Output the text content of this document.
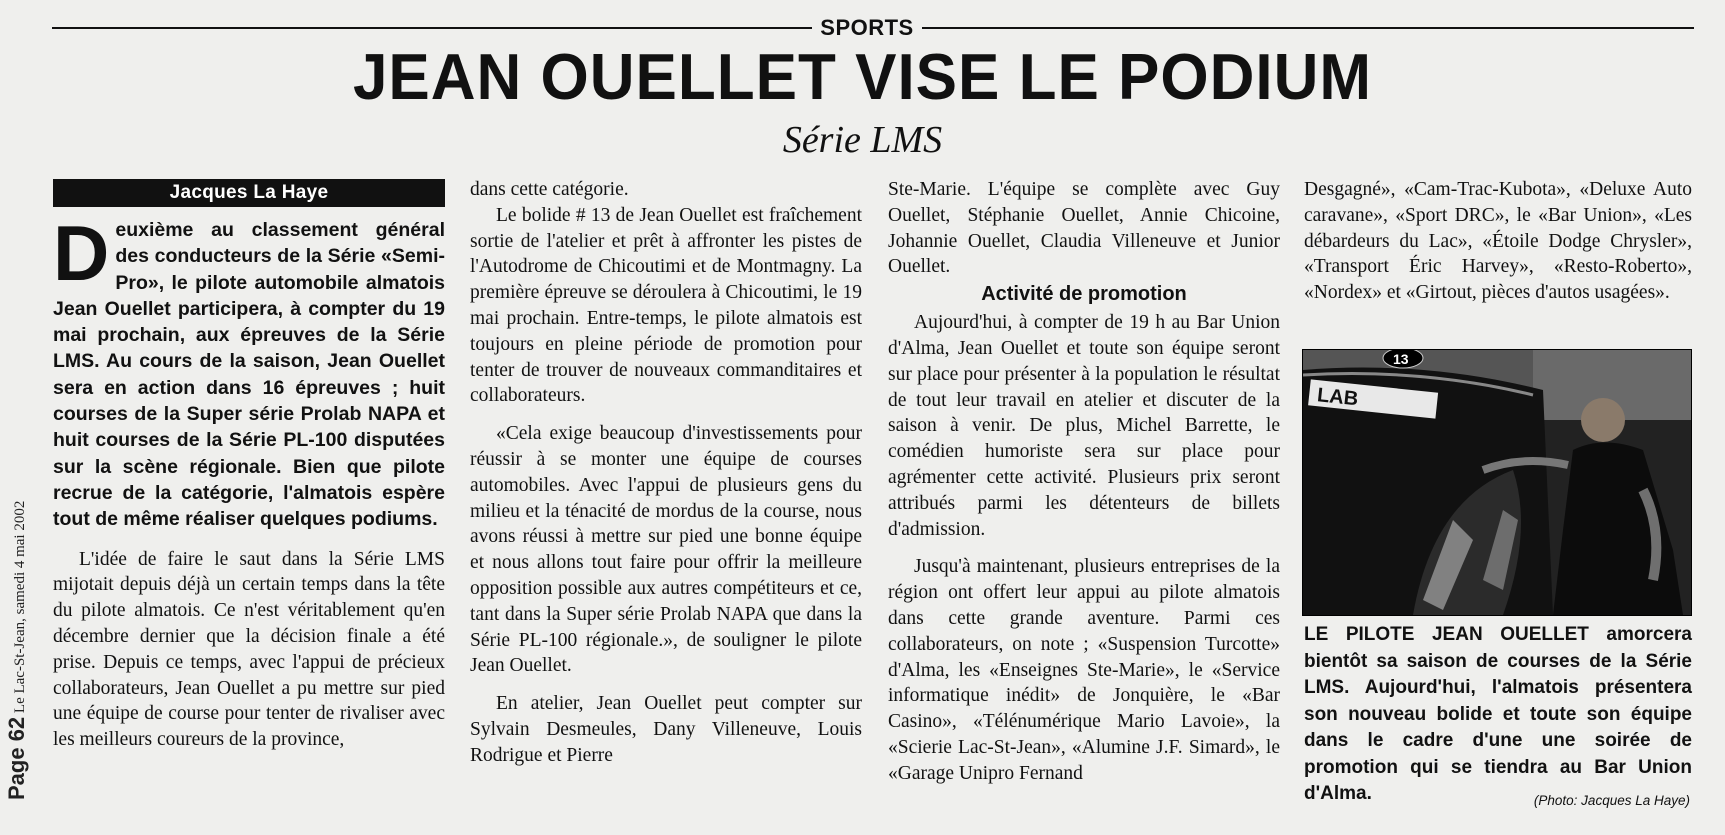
SPORTS
JEAN OUELLET VISE LE PODIUM
Série LMS
Page 62 Le Lac-St-Jean, samedi 4 mai 2002
Jacques La Haye
Deuxième au classement général des conducteurs de la Série «Semi-Pro», le pilote automobile almatois Jean Ouellet participera, à compter du 19 mai prochain, aux épreuves de la Série LMS. Au cours de la saison, Jean Ouellet sera en action dans 16 épreuves ; huit courses de la Super série Prolab NAPA et huit courses de la Série PL-100 disputées sur la scène régionale. Bien que pilote recrue de la catégorie, l'almatois espère tout de même réaliser quelques podiums.

L'idée de faire le saut dans la Série LMS mijotait depuis déjà un certain temps dans la tête du pilote almatois. Ce n'est véritablement qu'en décembre dernier que la décision finale a été prise. Depuis ce temps, avec l'appui de précieux collaborateurs, Jean Ouellet a pu mettre sur pied une équipe de course pour tenter de rivaliser avec les meilleurs coureurs de la province,

dans cette catégorie.

Le bolide # 13 de Jean Ouellet est fraîchement sortie de l'atelier et prêt à affronter les pistes de l'Autodrome de Chicoutimi et de Montmagny. La première épreuve se déroulera à Chicoutimi, le 19 mai prochain. Entre-temps, le pilote almatois est toujours en pleine période de promotion pour tenter de trouver de nouveaux commanditaires et collaborateurs.

«Cela exige beaucoup d'investissements pour réussir à se monter une équipe de courses automobiles. Avec l'appui de plusieurs gens du milieu et la ténacité de mordus de la course, nous avons réussi à mettre sur pied une bonne équipe et nous allons tout faire pour offrir la meilleure opposition possible aux autres compétiteurs et ce, tant dans la Super série Prolab NAPA que dans la Série PL-100 régionale.», de souligner le pilote Jean Ouellet.

En atelier, Jean Ouellet peut compter sur Sylvain Desmeules, Dany Villeneuve, Louis Rodrigue et Pierre

Ste-Marie. L'équipe se complète avec Guy Ouellet, Stéphanie Ouellet, Annie Chicoine, Johannie Ouellet, Claudia Villeneuve et Junior Ouellet.

Activité de promotion

Aujourd'hui, à compter de 19 h au Bar Union d'Alma, Jean Ouellet et toute son équipe seront sur place pour présenter à la population le résultat de tout leur travail en atelier et discuter de la saison à venir. De plus, Michel Barrette, le comédien humoriste sera sur place pour agrémenter cette activité. Plusieurs prix seront attribués parmi les détenteurs de billets d'admission.

Jusqu'à maintenant, plusieurs entreprises de la région ont offert leur appui au pilote almatois dans cette grande aventure. Parmi ces collaborateurs, on note ; «Suspension Turcotte» d'Alma, les «Enseignes Ste-Marie», le «Service informatique inédit» de Jonquière, le «Bar Casino», «Télénumérique Mario Lavoie», la «Scierie Lac-St-Jean», «Alumine J.F. Simard», le «Garage Unipro Fernand

Desgagné», «Cam-Trac-Kubota», «Deluxe Auto caravane», «Sport DRC», le «Bar Union», «Les débardeurs du Lac», «Étoile Dodge Chrysler», «Transport Éric Harvey», «Resto-Roberto», «Nordex» et «Girtout, pièces d'autos usagées».

LAB
13
LE PILOTE JEAN OUELLET amorcera bientôt sa saison de courses de la Série LMS. Aujourd'hui, l'almatois présentera son nouveau bolide et toute son équipe dans le cadre d'une une soirée de promotion qui se tiendra au Bar Union d'Alma.	(Photo: Jacques La Haye)
